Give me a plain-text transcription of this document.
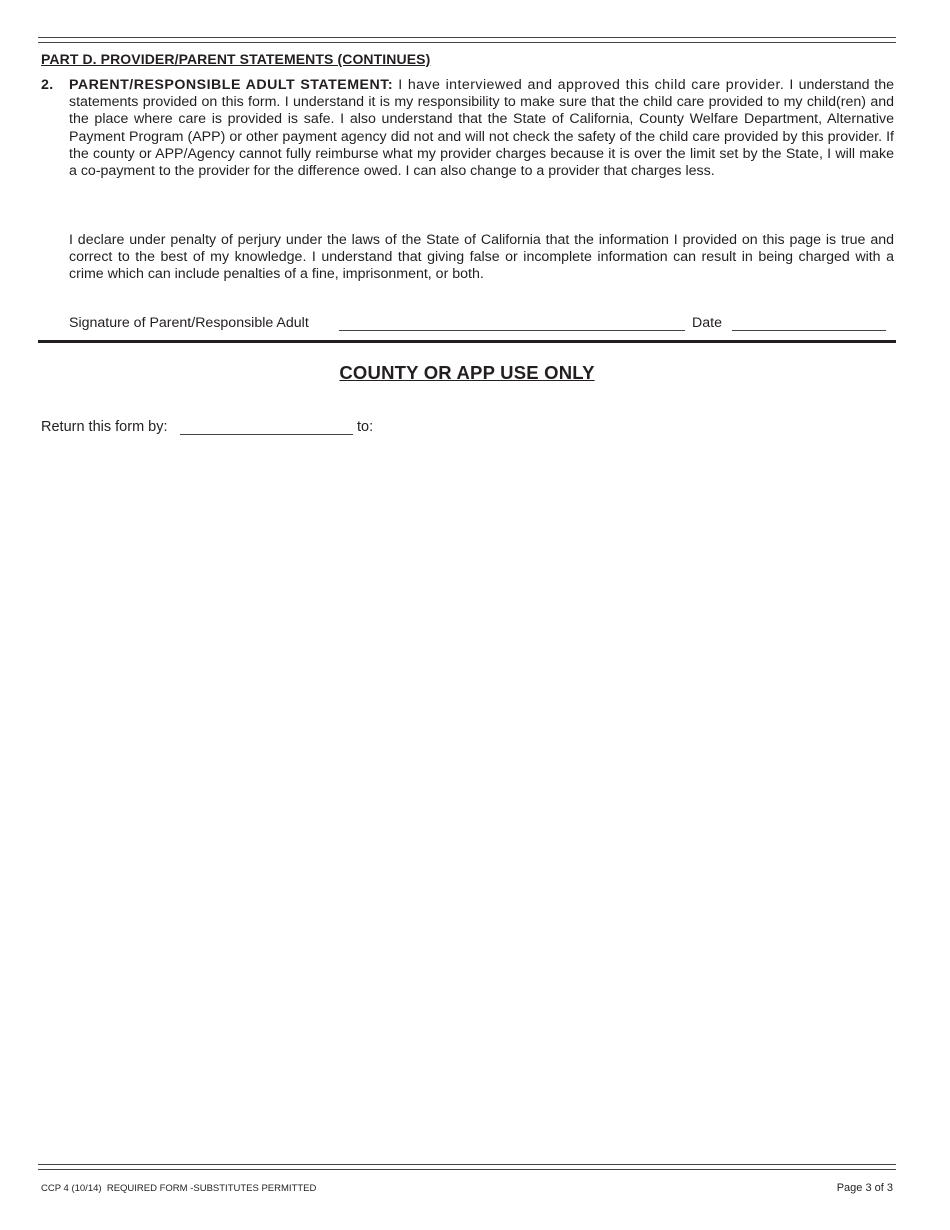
PART D. PROVIDER/PARENT STATEMENTS (CONTINUES)
2. PARENT/RESPONSIBLE ADULT STATEMENT: I have interviewed and approved this child care provider. I understand the statements provided on this form. I understand it is my responsibility to make sure that the child care provided to my child(ren) and the place where care is provided is safe. I also understand that the State of California, County Welfare Department, Alternative Payment Program (APP) or other payment agency did not and will not check the safety of the child care provided by this provider. If the county or APP/Agency cannot fully reimburse what my provider charges because it is over the limit set by the State, I will make a co-payment to the provider for the difference owed. I can also change to a provider that charges less.
I declare under penalty of perjury under the laws of the State of California that the information I provided on this page is true and correct to the best of my knowledge. I understand that giving false or incomplete information can result in being charged with a crime which can include penalties of a fine, imprisonment, or both.
Signature of Parent/Responsible Adult	Date
COUNTY OR APP USE ONLY
Return this form by:	to:
CCP 4 (10/14)  REQUIRED FORM -SUBSTITUTES PERMITTED	Page 3 of 3
